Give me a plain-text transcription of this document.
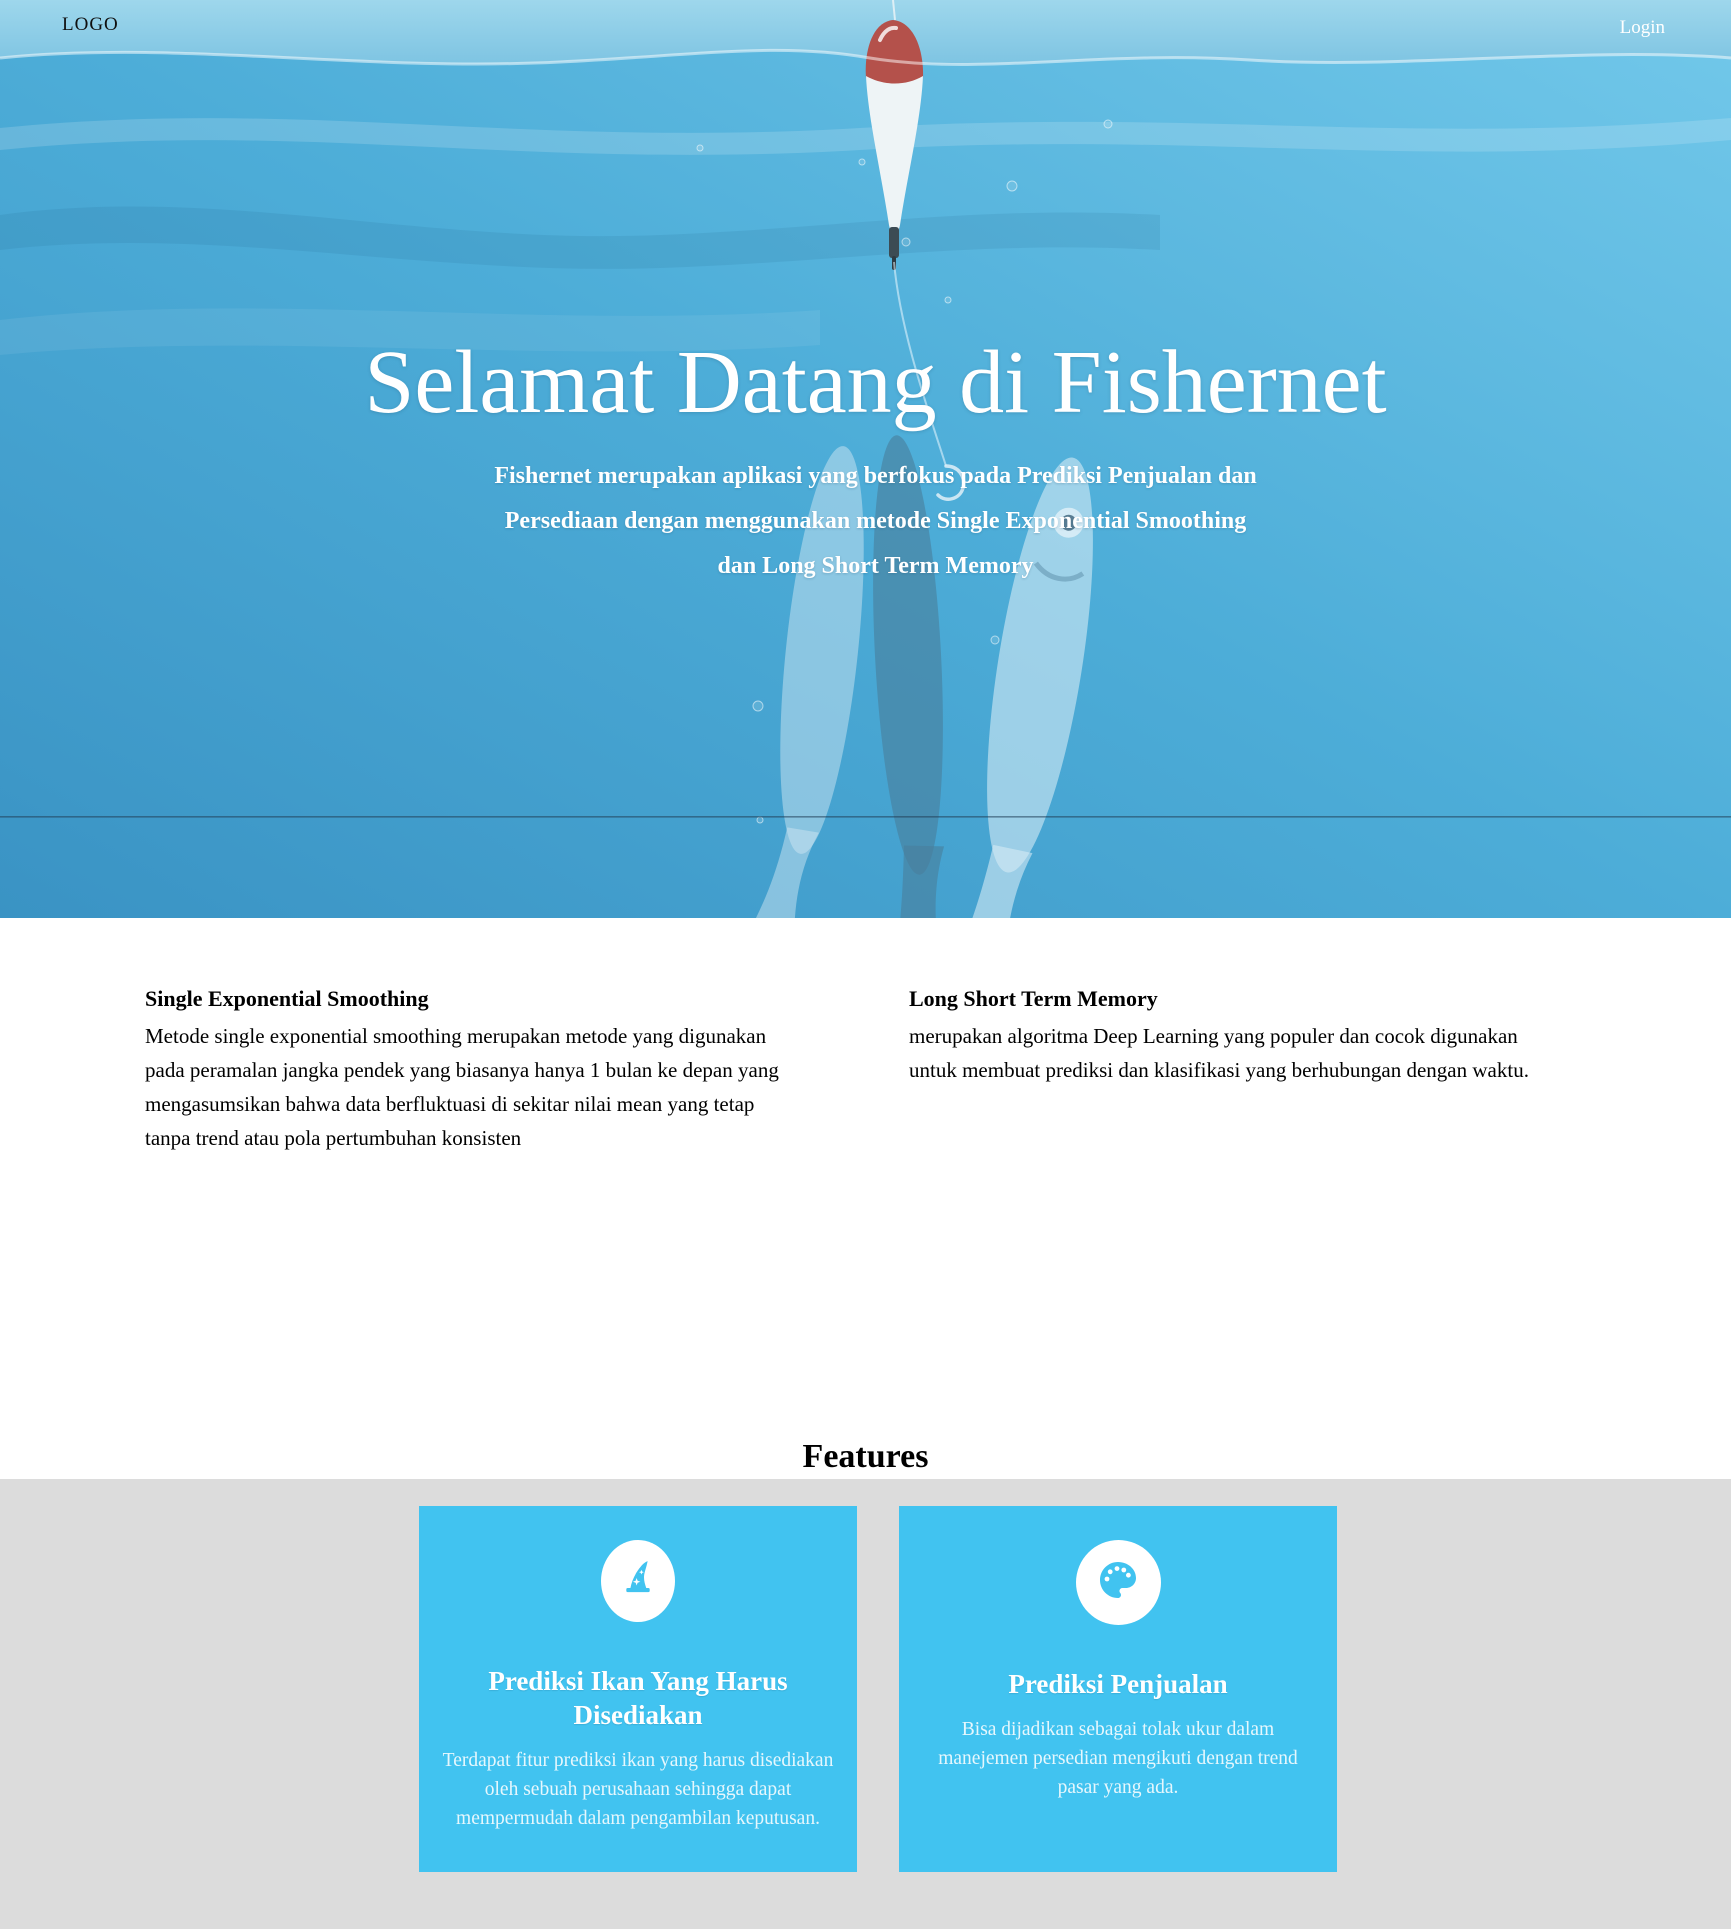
LOGO	Login
Selamat Datang di Fishernet
Fishernet merupakan aplikasi yang berfokus pada Prediksi Penjualan dan
Persediaan dengan menggunakan metode Single Exponential Smoothing
dan Long Short Term Memory
Single Exponential Smoothing

Metode single exponential smoothing merupakan metode yang digunakan pada peramalan jangka pendek yang biasanya hanya 1 bulan ke depan yang mengasumsikan bahwa data berfluktuasi di sekitar nilai mean yang tetap tanpa trend atau pola pertumbuhan konsisten

Long Short Term Memory

merupakan algoritma Deep Learning yang populer dan cocok digunakan untuk membuat prediksi dan klasifikasi yang berhubungan dengan waktu.

Features
Prediksi Ikan Yang Harus Disediakan
Terdapat fitur prediksi ikan yang harus disediakan oleh sebuah perusahaan sehingga dapat mempermudah dalam pengambilan keputusan.
Prediksi Penjualan
Bisa dijadikan sebagai tolak ukur dalam manejemen persedian mengikuti dengan trend pasar yang ada.
